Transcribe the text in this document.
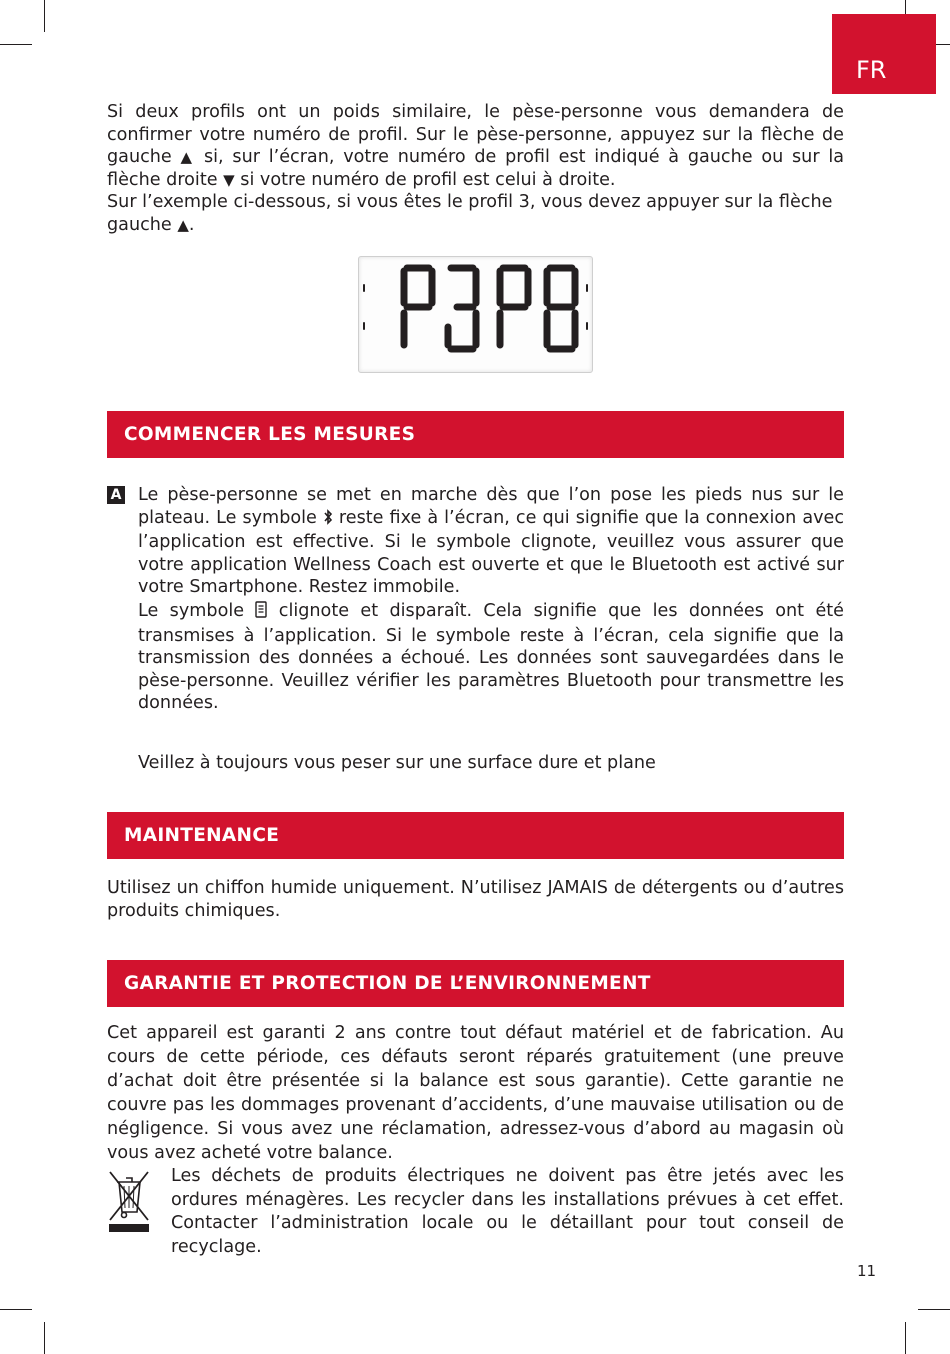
FR

Si deux profils ont un poids similaire, le pèse-personne vous demandera de confirmer votre numéro de profil. Sur le pèse-personne, appuyez sur la flèche de gauche ▲ si, sur l’écran, votre numéro de profil est indiqué à gauche ou sur la flèche droite ▼ si votre numéro de profil est celui à droite.

Sur l’exemple ci-dessous, si vous êtes le profil 3, vous devez appuyer sur la flèche gauche ▲.

COMMENCER LES MESURES
A Le pèse-personne se met en marche dès que l’on pose les pieds nus sur le plateau. Le symbole  reste fixe à l’écran, ce qui signifie que la connexion avec l’application est effective. Si le symbole clignote, veuillez vous assurer que votre application Wellness Coach est ouverte et que le Bluetooth est activé sur votre Smartphone. Restez immobile.

Le symbole  clignote et disparaît. Cela signifie que les données ont été transmises à l’application. Si le symbole reste à l’écran, cela signifie que la transmission des données a échoué. Les données sont sauvegardées dans le pèse-personne. Veuillez vérifier les paramètres Bluetooth pour transmettre les données.

Veillez à toujours vous peser sur une surface dure et plane

MAINTENANCE

Utilisez un chiffon humide uniquement. N’utilisez JAMAIS de détergents ou d’autres produits chimiques.

GARANTIE ET PROTECTION DE L’ENVIRONNEMENT

Cet appareil est garanti 2 ans contre tout défaut matériel et de fabrication. Au cours de cette période, ces défauts seront réparés gratuitement (une preuve d’achat doit être présentée si la balance est sous garantie). Cette garantie ne couvre pas les dommages provenant d’accidents, d’une mauvaise utilisation ou de négligence. Si vous avez une réclamation, adressez-vous d’abord au magasin où vous avez acheté votre balance.

Les déchets de produits électriques ne doivent pas être jetés avec les ordures ménagères. Les recycler dans les installations prévues à cet effet. Contacter l’administration locale ou le détaillant pour tout conseil de recyclage.

11
